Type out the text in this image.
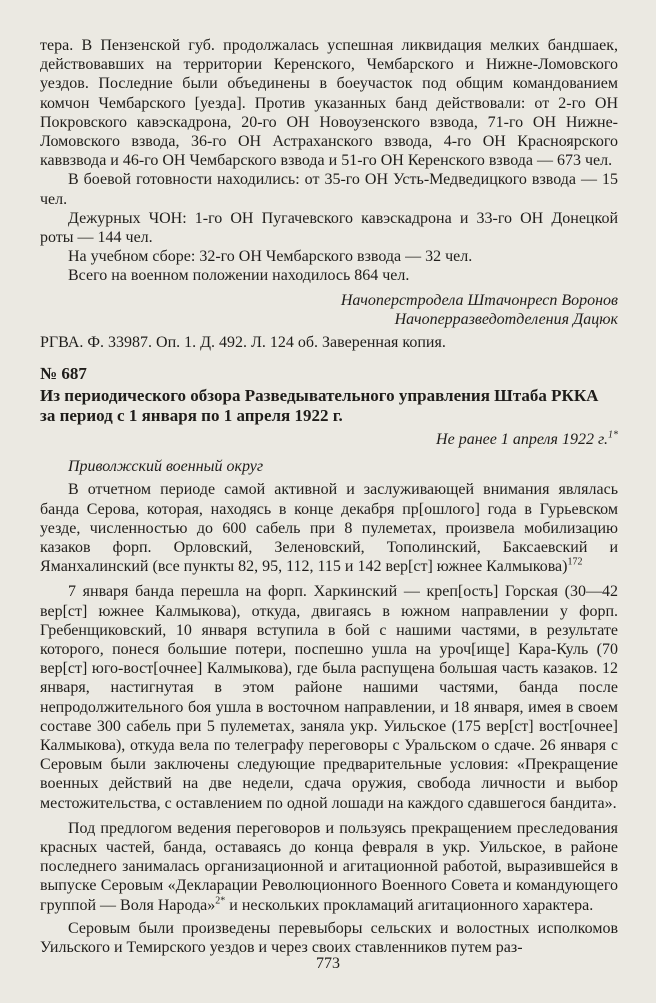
тера. В Пензенской губ. продолжалась успешная ликвидация мелких бандшаек, действовавших на территории Керенского, Чембарского и Нижне-Ломовского уездов. Последние были объединены в боеучасток под общим командованием комчон Чембарского [уезда]. Против указанных банд действовали: от 2-го ОН Покровского кавэскадрона, 20-го ОН Новоузенского взвода, 71-го ОН Нижне-Ломовского взвода, 36-го ОН Астраханского взвода, 4-го ОН Красноярского каввзвода и 46-го ОН Чембарского взвода и 51-го ОН Керенского взвода — 673 чел.

В боевой готовности находились: от 35-го ОН Усть-Медведицкого взвода — 15 чел.

Дежурных ЧОН: 1-го ОН Пугачевского кавэскадрона и 33-го ОН Донецкой роты — 144 чел.

На учебном сборе: 32-го ОН Чембарского взвода — 32 чел.

Всего на военном положении находилось 864 чел.

Начоперстродела Штачонресп Воронов

Начоперразведотделения Дацюк

РГВА. Ф. 33987. Оп. 1. Д. 492. Л. 124 об. Заверенная копия.

№ 687

Из периодического обзора Разведывательного управления Штаба РККА за период с 1 января по 1 апреля 1922 г.

Не ранее 1 апреля 1922 г.$^{1*}$

Приволжский военный округ

В отчетном периоде самой активной и заслуживающей внимания являлась банда Серова, которая, находясь в конце декабря пр[ошлого] года в Гурьевском уезде, численностью до 600 сабель при 8 пулеметах, произвела мобилизацию казаков форп. Орловский, Зеленовский, Тополинский, Баксаевский и Яманхалинский (все пункты 82, 95, 112, 115 и 142 вер[ст] южнее Калмыкова)$^{172}$

7 января банда перешла на форп. Харкинский — креп[ость] Горская (30—42 вер[ст] южнее Калмыкова), откуда, двигаясь в южном направлении у форп. Гребенщиковский, 10 января вступила в бой с нашими частями, в результате которого, понеся большие потери, поспешно ушла на уроч[ище] Кара-Куль (70 вер[ст] юго-вост[очнее] Калмыкова), где была распущена большая часть казаков. 12 января, настигнутая в этом районе нашими частями, банда после непродолжительного боя ушла в восточном направлении, и 18 января, имея в своем составе 300 сабель при 5 пулеметах, заняла укр. Уильское (175 вер[ст] вост[очнее] Калмыкова), откуда вела по телеграфу переговоры с Уральском о сдаче. 26 января с Серовым были заключены следующие предварительные условия: «Прекращение военных действий на две недели, сдача оружия, свобода личности и выбор местожительства, с оставлением по одной лошади на каждого сдавшегося бандита».

Под предлогом ведения переговоров и пользуясь прекращением преследования красных частей, банда, оставаясь до конца февраля в укр. Уильское, в районе последнего занималась организационной и агитационной работой, выразившейся в выпуске Серовым «Декларации Революционного Военного Совета и командующего группой — Воля Народа»$^{2*}$ и нескольких прокламаций агитационного характера.

Серовым были произведены перевыборы сельских и волостных исполкомов Уильского и Темирского уездов и через своих ставленников путем раз-

773
